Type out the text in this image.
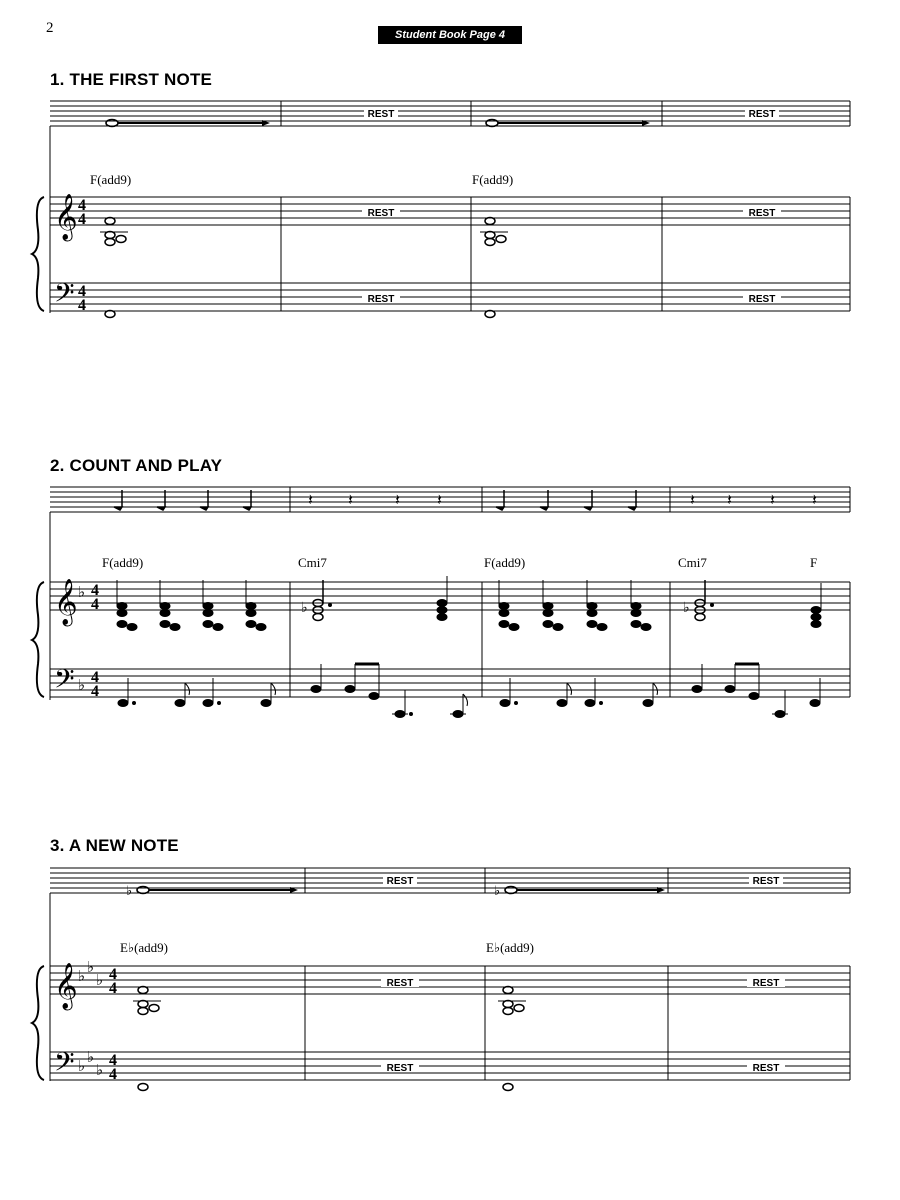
2	Student Book Page 4
1. THE FIRST NOTE
2. COUNT AND PLAY
3. A NEW NOTE
REST	REST
F(add9)	F(add9)
𝄞
𝄢
4
4
4
4
REST	REST
REST	REST
𝄽 𝄽	𝄽 𝄽	𝄽 𝄽 𝄽 𝄽
F(add9)	Cmi7	F(add9)	Cmi7	F
𝄞
𝄢
♭
♭
4
4
4
4
♭	♭
♭	♭
REST	REST
E♭(add9)	E♭(add9)
𝄞
𝄢
♭
♭
♭
♭
♭
♭
4
4
4
4
REST	REST
REST	REST
